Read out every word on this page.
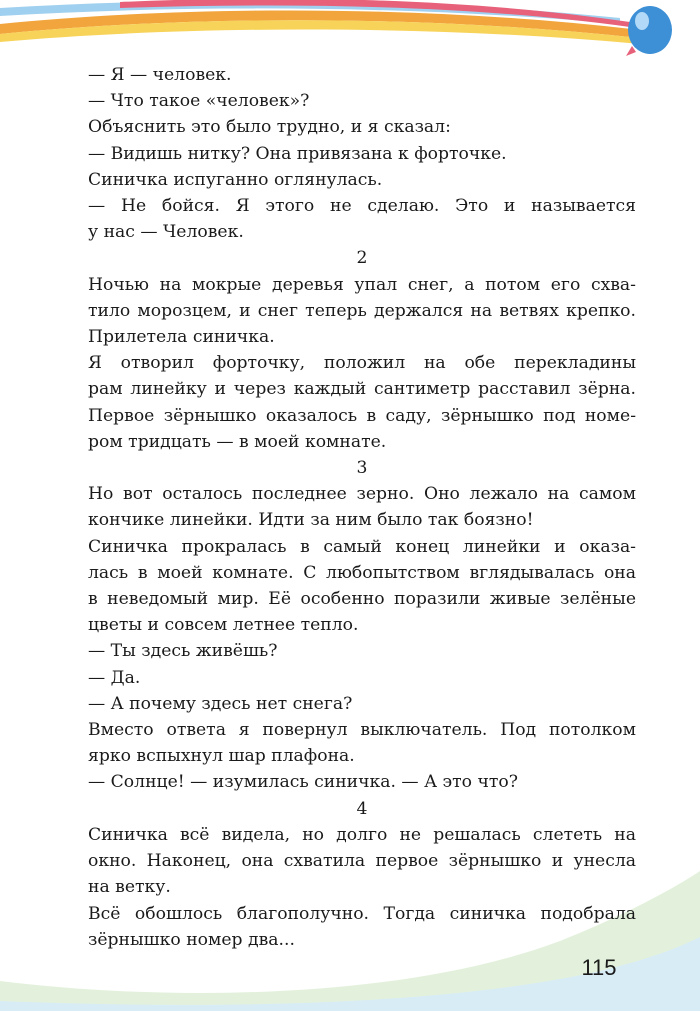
— Я — человек.

— Что такое «человек»?

Объяснить это было трудно, и я сказал:

— Видишь нитку? Она привязана к форточке.

Синичка испуганно оглянулась.

— Не бойся. Я этого не сделаю. Это и называется

у нас — Человек.

2

Ночью на мокрые деревья упал снег, а потом его схва-

тило морозцем, и снег теперь держался на ветвях крепко.

Прилетела синичка.

Я отворил форточку, положил на обе перекладины

рам линейку и через каждый сантиметр расставил зёрна.

Первое зёрнышко оказалось в саду, зёрнышко под номе-

ром тридцать — в моей комнате.

3

Но вот осталось последнее зерно. Оно лежало на самом

кончике линейки. Идти за ним было так боязно!

Синичка прокралась в самый конец линейки и оказа-

лась в моей комнате. С любопытством вглядывалась она

в неведомый мир. Её особенно поразили живые зелёные

цветы и совсем летнее тепло.

— Ты здесь живёшь?

— Да.

— А почему здесь нет снега?

Вместо ответа я повернул выключатель. Под потолком

ярко вспыхнул шар плафона.

— Солнце! — изумилась синичка. — А это что?

4

Синичка всё видела, но долго не решалась слететь на

окно. Наконец, она схватила первое зёрнышко и унесла

на ветку.

Всё обошлось благополучно. Тогда синичка подобрала

зёрнышко номер два...

115
